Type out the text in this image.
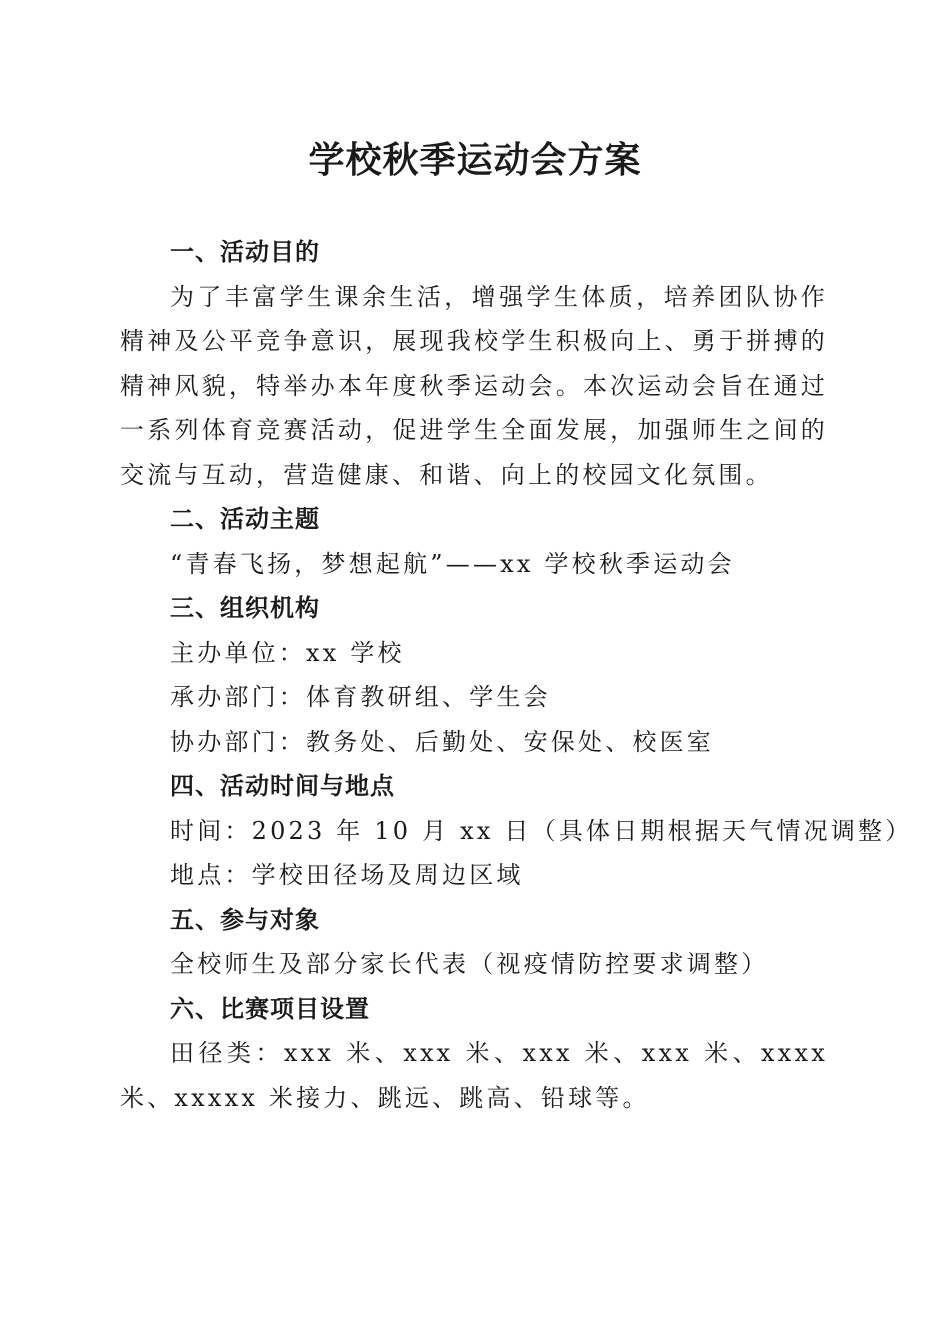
学校秋季运动会方案
一、活动目的
为了丰富学生课余生活，增强学生体质，培养团队协作精神及公平竞争意识，展现我校学生积极向上、勇于拼搏的精神风貌，特举办本年度秋季运动会。本次运动会旨在通过一系列体育竞赛活动，促进学生全面发展，加强师生之间的交流与互动，营造健康、和谐、向上的校园文化氛围。
二、活动主题
“青春飞扬，梦想起航”——xx 学校秋季运动会
三、组织机构
主办单位：xx 学校
承办部门：体育教研组、学生会
协办部门：教务处、后勤处、安保处、校医室
四、活动时间与地点
时间：2023 年 10 月 xx 日（具体日期根据天气情况调整）
地点：学校田径场及周边区域
五、参与对象
全校师生及部分家长代表（视疫情防控要求调整）
六、比赛项目设置
田径类：xxx 米、xxx 米、xxx 米、xxx 米、xxxx 米、xxxxx 米接力、跳远、跳高、铅球等。
